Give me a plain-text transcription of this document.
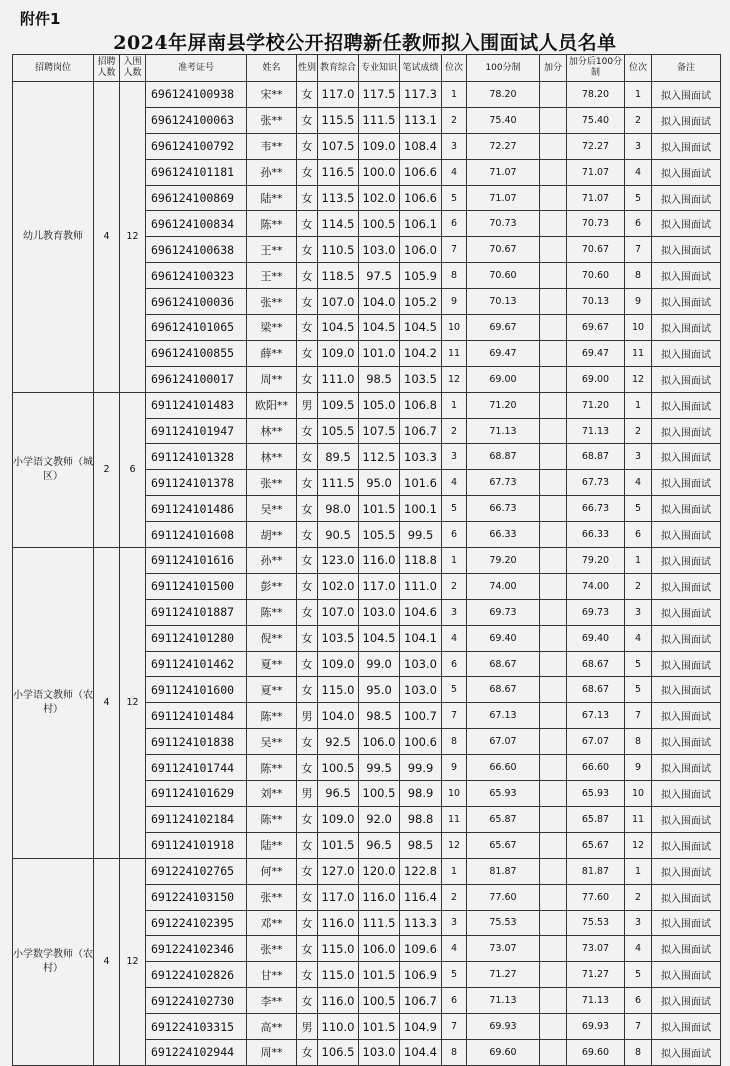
附件1
2024年屏南县学校公开招聘新任教师拟入围面试人员名单
招聘岗位	招聘人数	入围人数	准考证号	姓名	性别	教育综合	专业知识	笔试成绩	位次	100分制	加分	加分后100分制	位次	备注
幼儿教育教师	4	12	696124100938	宋**	女	117.0	117.5	117.3	1	78.20		78.20	1	拟入围面试
			696124100063	张**	女	115.5	111.5	113.1	2	75.40		75.40	2	拟入围面试
			696124100792	韦**	女	107.5	109.0	108.4	3	72.27		72.27	3	拟入围面试
			696124101181	孙**	女	116.5	100.0	106.6	4	71.07		71.07	4	拟入围面试
			696124100869	陆**	女	113.5	102.0	106.6	5	71.07		71.07	5	拟入围面试
			696124100834	陈**	女	114.5	100.5	106.1	6	70.73		70.73	6	拟入围面试
			696124100638	王**	女	110.5	103.0	106.0	7	70.67		70.67	7	拟入围面试
			696124100323	王**	女	118.5	97.5	105.9	8	70.60		70.60	8	拟入围面试
			696124100036	张**	女	107.0	104.0	105.2	9	70.13		70.13	9	拟入围面试
			696124101065	梁**	女	104.5	104.5	104.5	10	69.67		69.67	10	拟入围面试
			696124100855	薛**	女	109.0	101.0	104.2	11	69.47		69.47	11	拟入围面试
			696124100017	周**	女	111.0	98.5	103.5	12	69.00		69.00	12	拟入围面试
小学语文教师（城区）	2	6	691124101483	欧阳**	男	109.5	105.0	106.8	1	71.20		71.20	1	拟入围面试
			691124101947	林**	女	105.5	107.5	106.7	2	71.13		71.13	2	拟入围面试
			691124101328	林**	女	89.5	112.5	103.3	3	68.87		68.87	3	拟入围面试
			691124101378	张**	女	111.5	95.0	101.6	4	67.73		67.73	4	拟入围面试
			691124101486	吴**	女	98.0	101.5	100.1	5	66.73		66.73	5	拟入围面试
			691124101608	胡**	女	90.5	105.5	99.5	6	66.33		66.33	6	拟入围面试
小学语文教师（农村）	4	12	691124101616	孙**	女	123.0	116.0	118.8	1	79.20		79.20	1	拟入围面试
			691124101500	彭**	女	102.0	117.0	111.0	2	74.00		74.00	2	拟入围面试
			691124101887	陈**	女	107.0	103.0	104.6	3	69.73		69.73	3	拟入围面试
			691124101280	倪**	女	103.5	104.5	104.1	4	69.40		69.40	4	拟入围面试
			691124101462	夏**	女	109.0	99.0	103.0	6	68.67		68.67	5	拟入围面试
			691124101600	夏**	女	115.0	95.0	103.0	5	68.67		68.67	5	拟入围面试
			691124101484	陈**	男	104.0	98.5	100.7	7	67.13		67.13	7	拟入围面试
			691124101838	吴**	女	92.5	106.0	100.6	8	67.07		67.07	8	拟入围面试
			691124101744	陈**	女	100.5	99.5	99.9	9	66.60		66.60	9	拟入围面试
			691124101629	刘**	男	96.5	100.5	98.9	10	65.93		65.93	10	拟入围面试
			691124102184	陈**	女	109.0	92.0	98.8	11	65.87		65.87	11	拟入围面试
			691124101918	陆**	女	101.5	96.5	98.5	12	65.67		65.67	12	拟入围面试
小学数学教师（农村）	4	12	691224102765	何**	女	127.0	120.0	122.8	1	81.87		81.87	1	拟入围面试
			691224103150	张**	女	117.0	116.0	116.4	2	77.60		77.60	2	拟入围面试
			691224102395	邓**	女	116.0	111.5	113.3	3	75.53		75.53	3	拟入围面试
			691224102346	张**	女	115.0	106.0	109.6	4	73.07		73.07	4	拟入围面试
			691224102826	甘**	女	115.0	101.5	106.9	5	71.27		71.27	5	拟入围面试
			691224102730	李**	女	116.0	100.5	106.7	6	71.13		71.13	6	拟入围面试
			691224103315	高**	男	110.0	101.5	104.9	7	69.93		69.93	7	拟入围面试
			691224102944	周**	女	106.5	103.0	104.4	8	69.60		69.60	8	拟入围面试
